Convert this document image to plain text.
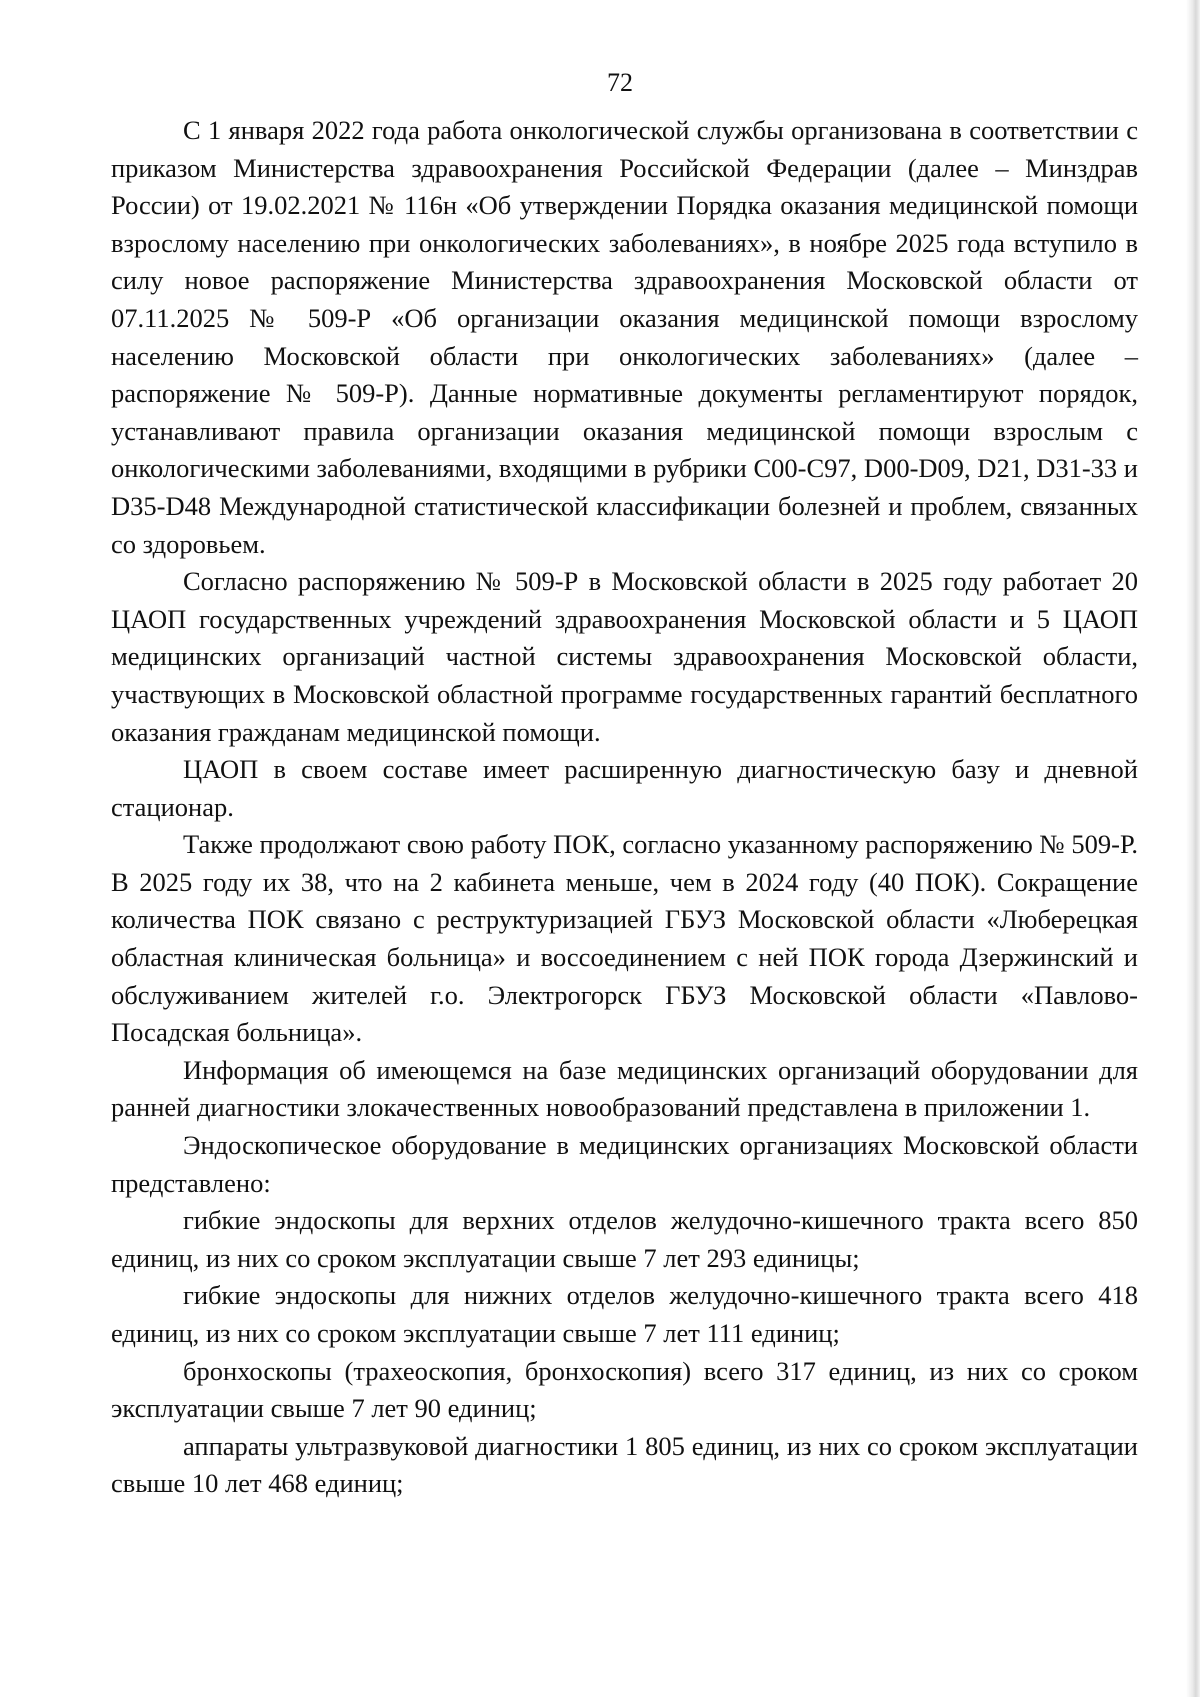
72

С 1 января 2022 года работа онкологической службы организована в соответствии с приказом Министерства здравоохранения Российской Федерации (далее – Минздрав России) от 19.02.2021 № 116н «Об утверждении Порядка оказания медицинской помощи взрослому населению при онкологических заболеваниях», в ноябре 2025 года вступило в силу новое распоряжение Министерства здравоохранения Московской области от 07.11.2025 № 509-Р «Об организации оказания медицинской помощи взрослому населению Московской области при онкологических заболеваниях» (далее – распоряжение № 509-Р). Данные нормативные документы регламентируют порядок, устанавливают правила организации оказания медицинской помощи взрослым с онкологическими заболеваниями, входящими в рубрики С00-С97, D00-D09, D21, D31-33 и D35-D48 Международной статистической классификации болезней и проблем, связанных со здоровьем.

Согласно распоряжению № 509-Р в Московской области в 2025 году работает 20 ЦАОП государственных учреждений здравоохранения Московской области и 5 ЦАОП медицинских организаций частной системы здравоохранения Московской области, участвующих в Московской областной программе государственных гарантий бесплатного оказания гражданам медицинской помощи.

ЦАОП в своем составе имеет расширенную диагностическую базу и дневной стационар.

Также продолжают свою работу ПОК, согласно указанному распоряжению № 509-Р. В 2025 году их 38, что на 2 кабинета меньше, чем в 2024 году (40 ПОК). Сокращение количества ПОК связано с реструктуризацией ГБУЗ Московской области «Люберецкая областная клиническая больница» и воссоединением с ней ПОК города Дзержинский и обслуживанием жителей г.о. Электрогорск ГБУЗ Московской области «Павлово-Посадская больница».

Информация об имеющемся на базе медицинских организаций оборудовании для ранней диагностики злокачественных новообразований представлена в приложении 1.

Эндоскопическое оборудование в медицинских организациях Московской области представлено:

гибкие эндоскопы для верхних отделов желудочно-кишечного тракта всего 850 единиц, из них со сроком эксплуатации свыше 7 лет 293 единицы;

гибкие эндоскопы для нижних отделов желудочно-кишечного тракта всего 418 единиц, из них со сроком эксплуатации свыше 7 лет 111 единиц;

бронхоскопы (трахеоскопия, бронхоскопия) всего 317 единиц, из них со сроком эксплуатации свыше 7 лет 90 единиц;

аппараты ультразвуковой диагностики 1 805 единиц, из них со сроком эксплуатации свыше 10 лет 468 единиц;
